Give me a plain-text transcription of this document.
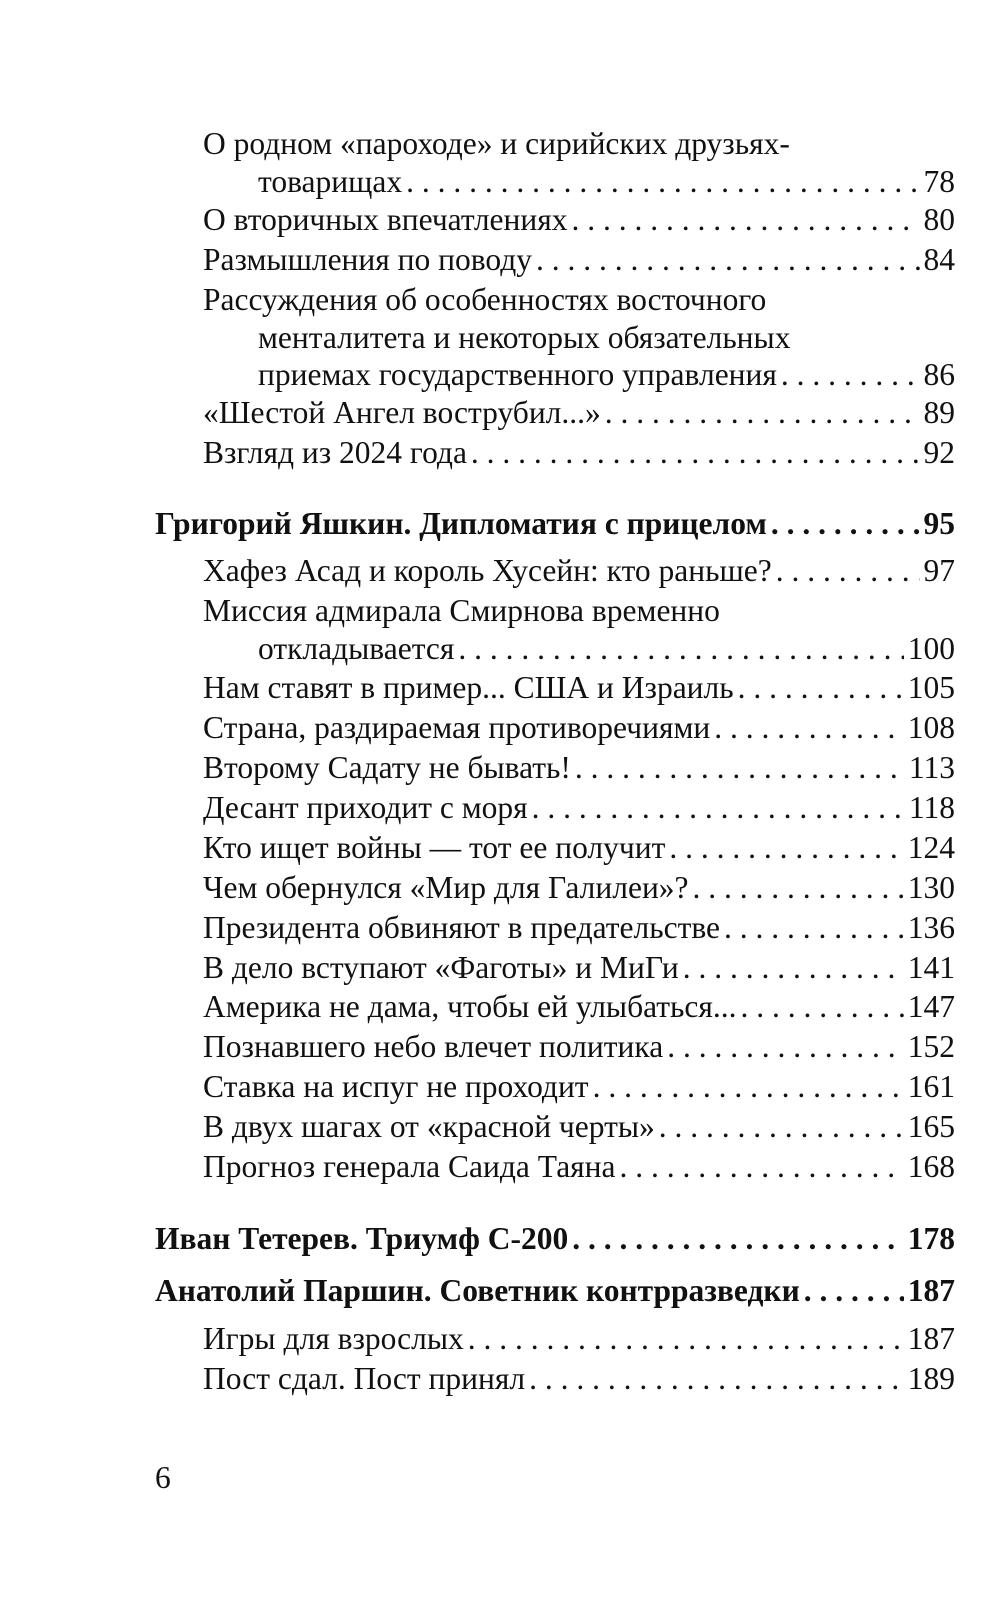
О родном «пароходе» и сирийских друзьях-
товарищах . . .	78
О вторичных впечатлениях . . .	80
Размышления по поводу . . .	84
Рассуждения об особенностях восточного
менталитета и некоторых обязательных
приемах государственного управления . . .	86
«Шестой Ангел вострубил...» . . .	89
Взгляд из 2024 года . . .	92
Григорий Яшкин. Дипломатия с прицелом . . .	95
Хафез Асад и король Хусейн: кто раньше? . . .	97
Миссия адмирала Смирнова временно
откладывается . . .	100
Нам ставят в пример... США и Израиль . . .	105
Страна, раздираемая противоречиями . . .	108
Второму Садату не бывать! . . .	113
Десант приходит с моря . . .	118
Кто ищет войны — тот ее получит . . .	124
Чем обернулся «Мир для Галилеи»? . . .	130
Президента обвиняют в предательстве . . .	136
В дело вступают «Фаготы» и МиГи . . .	141
Америка не дама, чтобы ей улыбаться... . . .	147
Познавшего небо влечет политика . . .	152
Ставка на испуг не проходит . . .	161
В двух шагах от «красной черты» . . .	165
Прогноз генерала Саида Таяна . . .	168
Иван Тетерев. Триумф С-200 . . .	178
Анатолий Паршин. Советник контрразведки . . .	187
Игры для взрослых . . .	187
Пост сдал. Пост принял . . .	189
6
